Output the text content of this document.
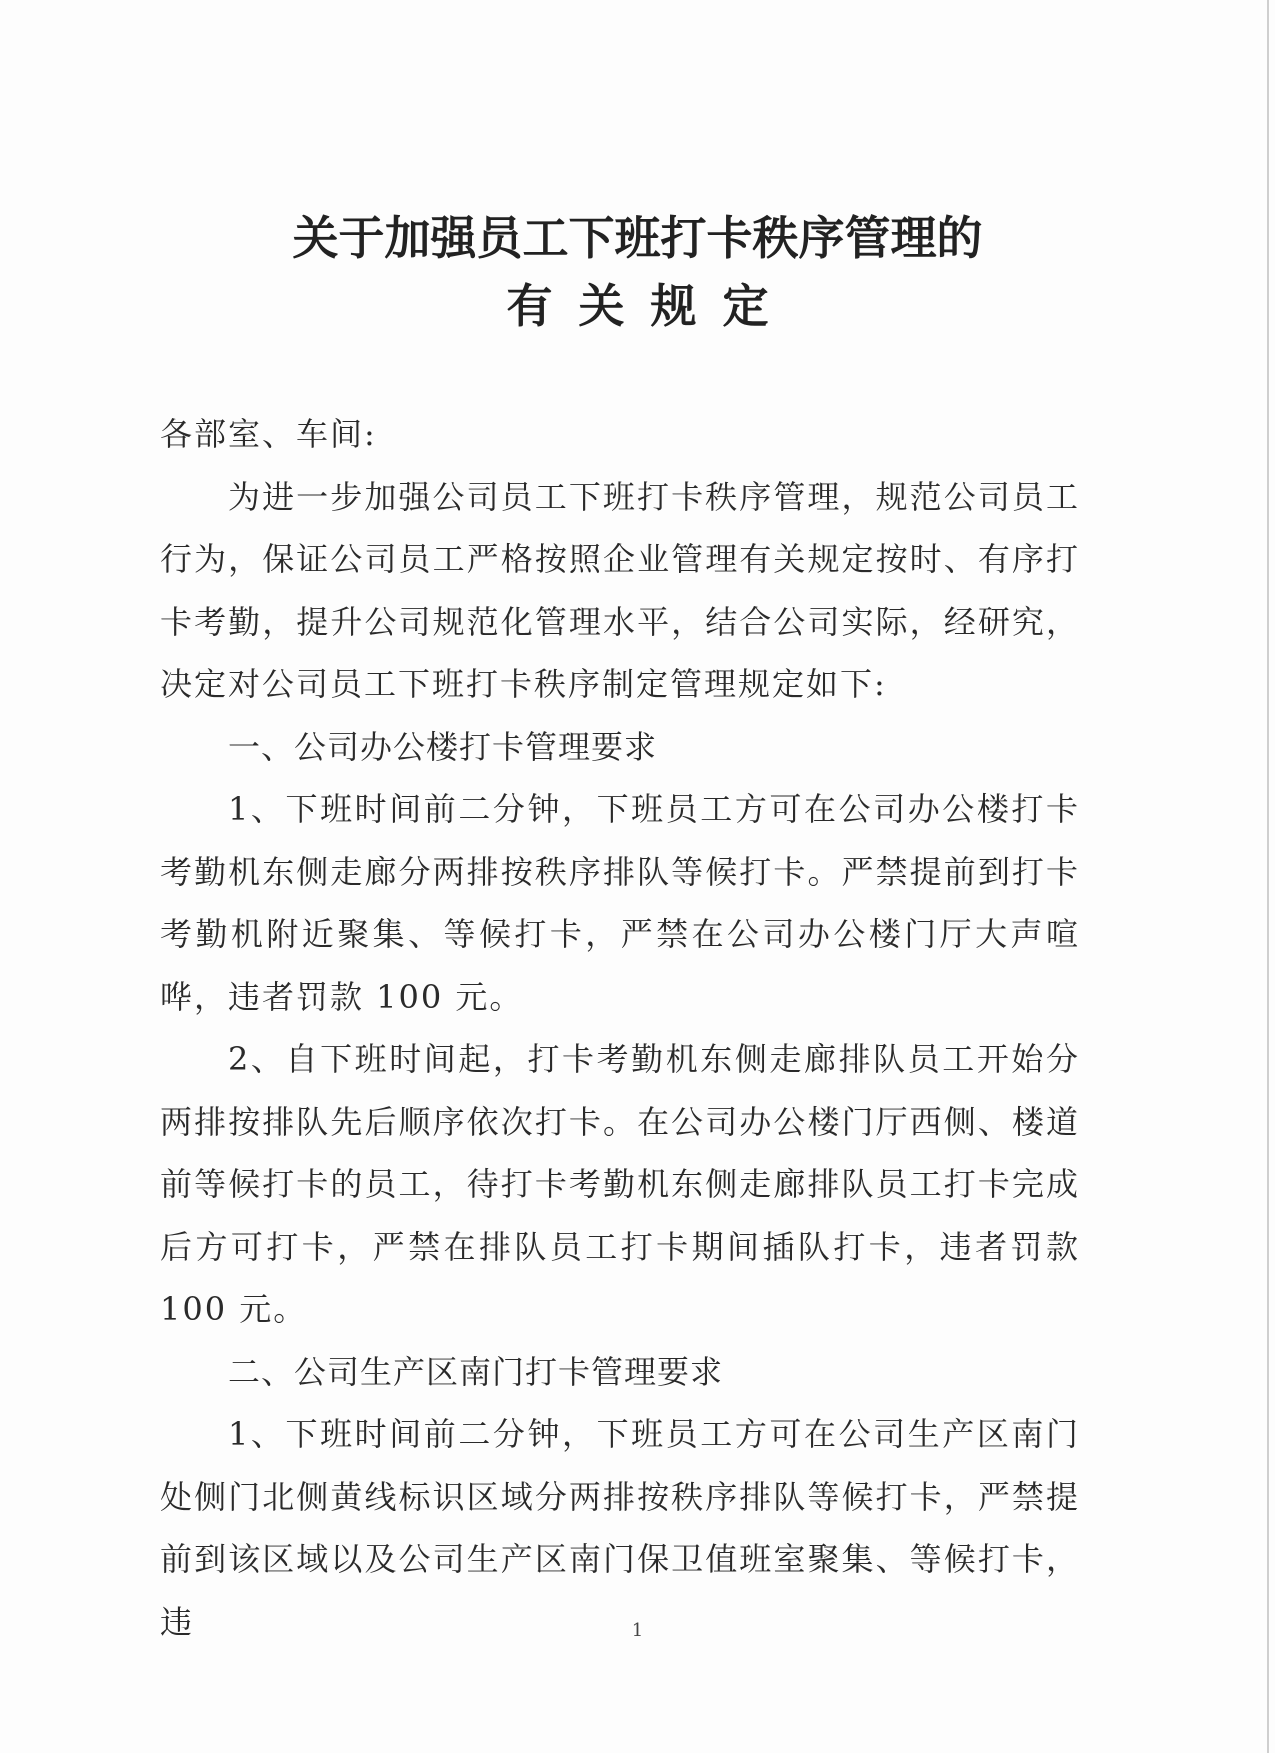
关于加强员工下班打卡秩序管理的
有关规定

各部室、车间:

为进一步加强公司员工下班打卡秩序管理，规范公司员工行为，保证公司员工严格按照企业管理有关规定按时、有序打卡考勤，提升公司规范化管理水平，结合公司实际，经研究，决定对公司员工下班打卡秩序制定管理规定如下:

一、公司办公楼打卡管理要求

1、下班时间前二分钟，下班员工方可在公司办公楼打卡考勤机东侧走廊分两排按秩序排队等候打卡。严禁提前到打卡考勤机附近聚集、等候打卡，严禁在公司办公楼门厅大声喧哗，违者罚款 100 元。

2、自下班时间起，打卡考勤机东侧走廊排队员工开始分两排按排队先后顺序依次打卡。在公司办公楼门厅西侧、楼道前等候打卡的员工，待打卡考勤机东侧走廊排队员工打卡完成后方可打卡，严禁在排队员工打卡期间插队打卡，违者罚款 100 元。

二、公司生产区南门打卡管理要求

1、下班时间前二分钟，下班员工方可在公司生产区南门处侧门北侧黄线标识区域分两排按秩序排队等候打卡，严禁提前到该区域以及公司生产区南门保卫值班室聚集、等候打卡，违	1
